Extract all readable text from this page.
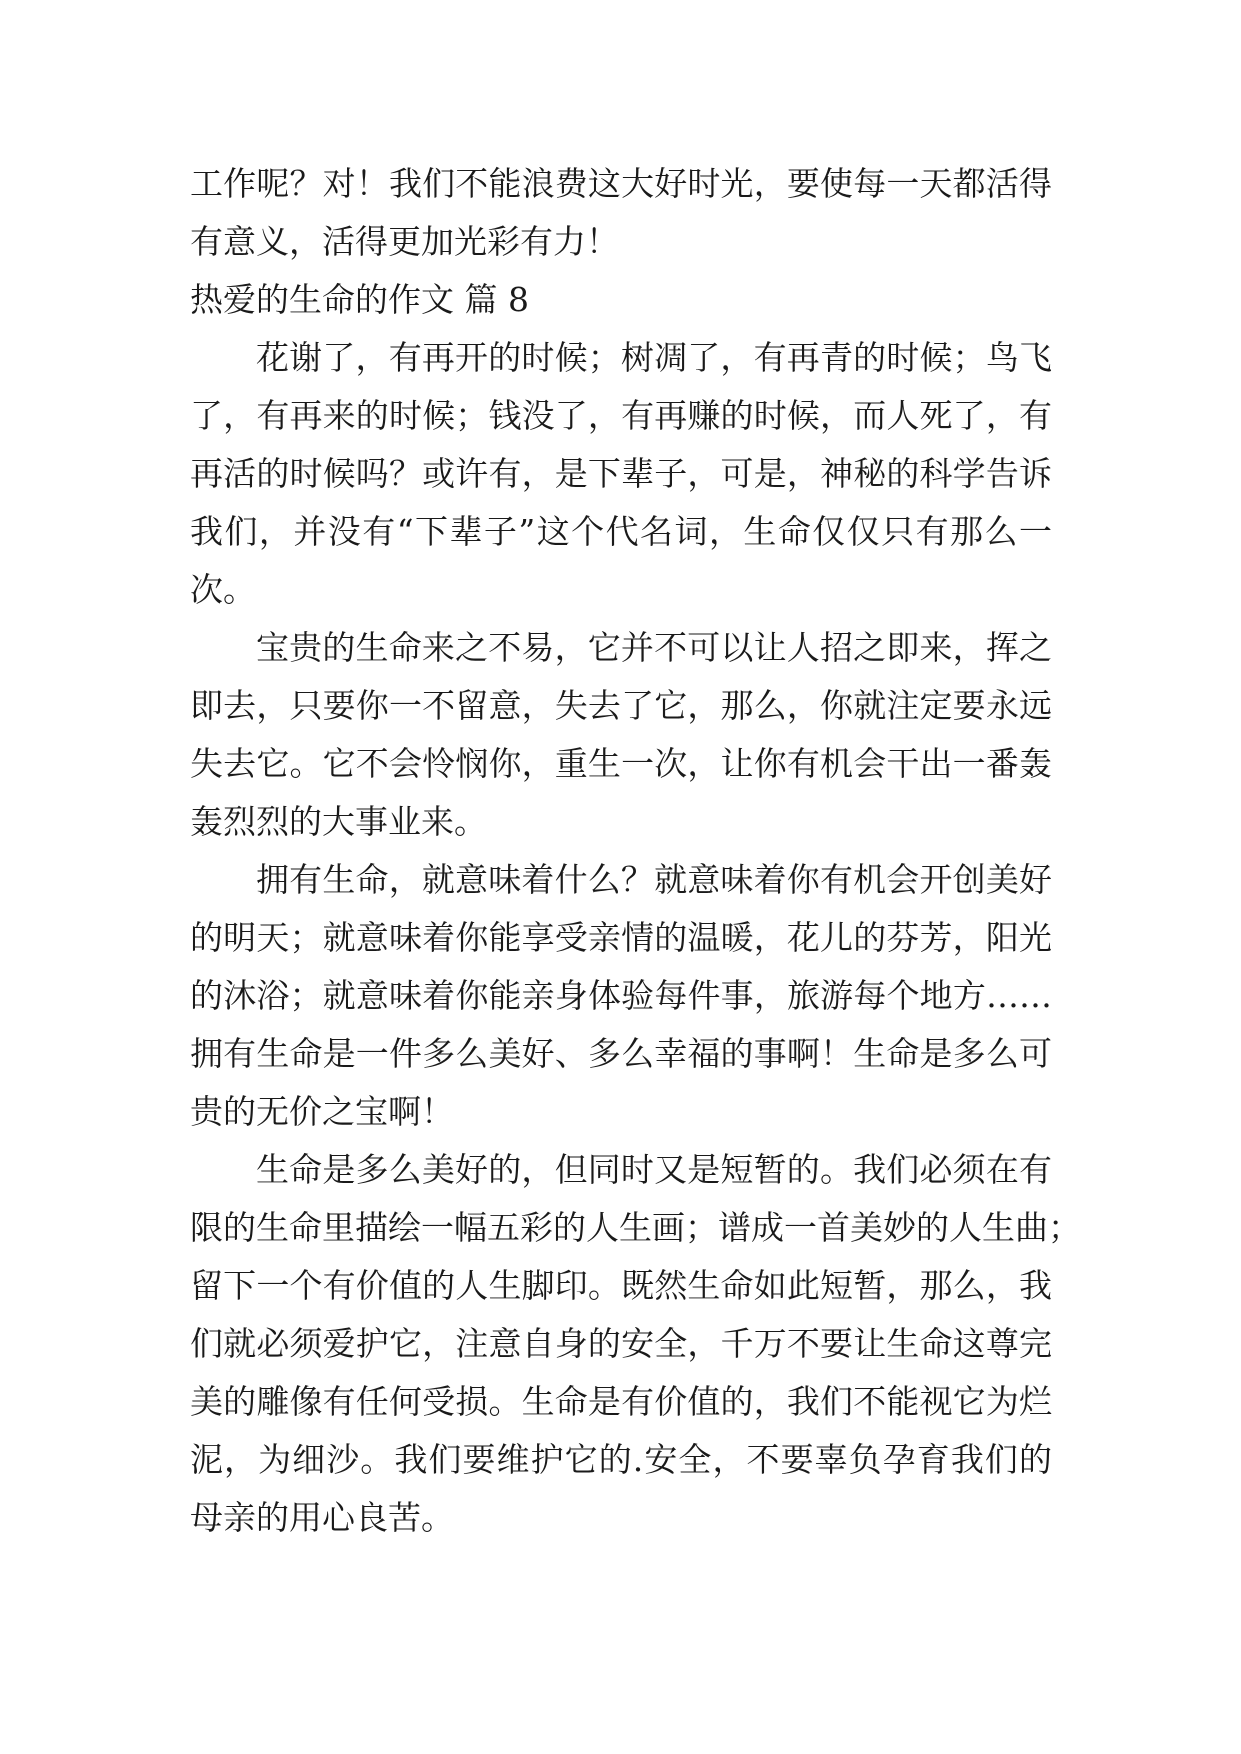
工作呢？对！我们不能浪费这大好时光，要使每一天都活得
有意义，活得更加光彩有力！
热爱的生命的作文 篇 8
花谢了，有再开的时候；树凋了，有再青的时候；鸟飞
了，有再来的时候；钱没了，有再赚的时候，而人死了，有
再活的时候吗？或许有，是下辈子，可是，神秘的科学告诉
我们，并没有“下辈子”这个代名词，生命仅仅只有那么一
次。
宝贵的生命来之不易，它并不可以让人招之即来，挥之
即去，只要你一不留意，失去了它，那么，你就注定要永远
失去它。它不会怜悯你，重生一次，让你有机会干出一番轰
轰烈烈的大事业来。
拥有生命，就意味着什么？就意味着你有机会开创美好
的明天；就意味着你能享受亲情的温暖，花儿的芬芳，阳光
的沐浴；就意味着你能亲身体验每件事，旅游每个地方……
拥有生命是一件多么美好、多么幸福的事啊！生命是多么可
贵的无价之宝啊！
生命是多么美好的，但同时又是短暂的。我们必须在有
限的生命里描绘一幅五彩的人生画；谱成一首美妙的人生曲；
留下一个有价值的人生脚印。既然生命如此短暂，那么，我
们就必须爱护它，注意自身的安全，千万不要让生命这尊完
美的雕像有任何受损。生命是有价值的，我们不能视它为烂
泥，为细沙。我们要维护它的.安全，不要辜负孕育我们的
母亲的用心良苦。
